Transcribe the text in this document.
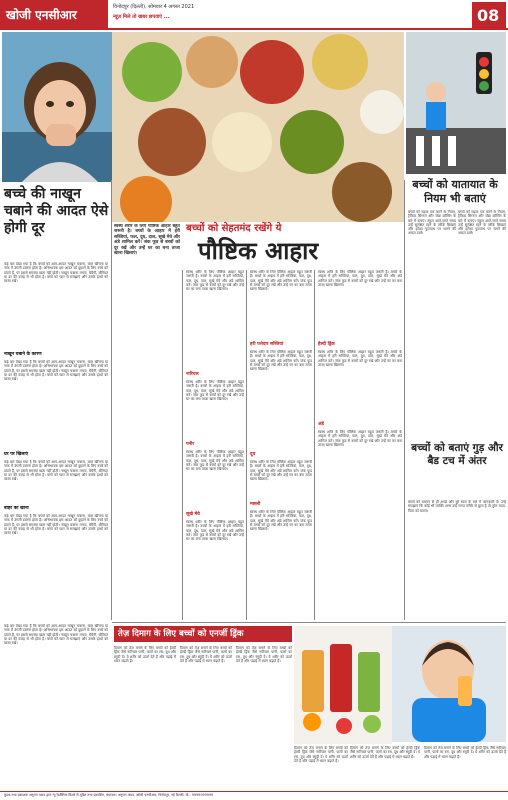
खोजी एनसीआर
विनोदपुर (दिल्ली), सोमवार 4 अगस्त 2021
न्यूज़ मिले तो खबर छपवाएं ...	08
बच्चों को यातायात के नियम भी बताएं
बच्चे की नाखून चबाने की आदत ऐसे होगी दूर	बच्चों को सेहतमंद रखेंगे ये
पौष्टिक आहार
स्वस्थ शरीर के लिए पौष्टिक आहार बहुत जरूरी है। बच्चों के आहार में हरी सब्जियां, फल, दूध, दाल, सूखे मेवे और अंडे शामिल करें। जंक फूड से बच्चों को दूर रखें और उन्हें घर का बना ताजा खाना खिलाएं।
कई बार देखा गया है कि बच्चों को आम-आदत नाखून चबाना, बाल खींचना या नाक में उंगली डालना होता है। अभिभावक इस आदत को छुड़ाने के लिए बच्चे को डांटते हैं, पर इससे समस्या खत्म नहीं होती। नाखून चबाना तनाव, बेचैनी, बोरियत या डर की वजह से भी होता है। बच्चे को प्यार से समझाएं और उसके हाथों को व्यस्त रखें।
नाखून चबाने के कारण
कई बार देखा गया है कि बच्चों को आम-आदत नाखून चबाना, बाल खींचना या नाक में उंगली डालना होता है। अभिभावक इस आदत को छुड़ाने के लिए बच्चे को डांटते हैं, पर इससे समस्या खत्म नहीं होती। नाखून चबाना तनाव, बेचैनी, बोरियत या डर की वजह से भी होता है। बच्चे को प्यार से समझाएं और उसके हाथों को व्यस्त रखें।
घर पर खिलाएं
कई बार देखा गया है कि बच्चों को आम-आदत नाखून चबाना, बाल खींचना या नाक में उंगली डालना होता है। अभिभावक इस आदत को छुड़ाने के लिए बच्चे को डांटते हैं, पर इससे समस्या खत्म नहीं होती। नाखून चबाना तनाव, बेचैनी, बोरियत या डर की वजह से भी होता है। बच्चे को प्यार से समझाएं और उसके हाथों को व्यस्त रखें।
बाहर का खाना
कई बार देखा गया है कि बच्चों को आम-आदत नाखून चबाना, बाल खींचना या नाक में उंगली डालना होता है। अभिभावक इस आदत को छुड़ाने के लिए बच्चे को डांटते हैं, पर इससे समस्या खत्म नहीं होती। नाखून चबाना तनाव, बेचैनी, बोरियत या डर की वजह से भी होता है। बच्चे को प्यार से समझाएं और उसके हाथों को व्यस्त रखें।
स्वस्थ शरीर के लिए पौष्टिक आहार बहुत जरूरी है। बच्चों के आहार में हरी सब्जियां, फल, दूध, दाल, सूखे मेवे और अंडे शामिल करें। जंक फूड से बच्चों को दूर रखें और उन्हें घर का बना ताजा खाना खिलाएं।
नारियल
स्वस्थ शरीर के लिए पौष्टिक आहार बहुत जरूरी है। बच्चों के आहार में हरी सब्जियां, फल, दूध, दाल, सूखे मेवे और अंडे शामिल करें। जंक फूड से बच्चों को दूर रखें और उन्हें घर का बना ताजा खाना खिलाएं।
पनीर
स्वस्थ शरीर के लिए पौष्टिक आहार बहुत जरूरी है। बच्चों के आहार में हरी सब्जियां, फल, दूध, दाल, सूखे मेवे और अंडे शामिल करें। जंक फूड से बच्चों को दूर रखें और उन्हें घर का बना ताजा खाना खिलाएं।
सूखे मेवे
स्वस्थ शरीर के लिए पौष्टिक आहार बहुत जरूरी है। बच्चों के आहार में हरी सब्जियां, फल, दूध, दाल, सूखे मेवे और अंडे शामिल करें। जंक फूड से बच्चों को दूर रखें और उन्हें घर का बना ताजा खाना खिलाएं।
स्वस्थ शरीर के लिए पौष्टिक आहार बहुत जरूरी है। बच्चों के आहार में हरी सब्जियां, फल, दूध, दाल, सूखे मेवे और अंडे शामिल करें। जंक फूड से बच्चों को दूर रखें और उन्हें घर का बना ताजा खाना खिलाएं।
हरी पत्तेदार सब्जियां
स्वस्थ शरीर के लिए पौष्टिक आहार बहुत जरूरी है। बच्चों के आहार में हरी सब्जियां, फल, दूध, दाल, सूखे मेवे और अंडे शामिल करें। जंक फूड से बच्चों को दूर रखें और उन्हें घर का बना ताजा खाना खिलाएं।
दूध
स्वस्थ शरीर के लिए पौष्टिक आहार बहुत जरूरी है। बच्चों के आहार में हरी सब्जियां, फल, दूध, दाल, सूखे मेवे और अंडे शामिल करें। जंक फूड से बच्चों को दूर रखें और उन्हें घर का बना ताजा खाना खिलाएं।
मछली
स्वस्थ शरीर के लिए पौष्टिक आहार बहुत जरूरी है। बच्चों के आहार में हरी सब्जियां, फल, दूध, दाल, सूखे मेवे और अंडे शामिल करें। जंक फूड से बच्चों को दूर रखें और उन्हें घर का बना ताजा खाना खिलाएं।
स्वस्थ शरीर के लिए पौष्टिक आहार बहुत जरूरी है। बच्चों के आहार में हरी सब्जियां, फल, दूध, दाल, सूखे मेवे और अंडे शामिल करें। जंक फूड से बच्चों को दूर रखें और उन्हें घर का बना ताजा खाना खिलाएं।
हेल्दी ड्रिंक
स्वस्थ शरीर के लिए पौष्टिक आहार बहुत जरूरी है। बच्चों के आहार में हरी सब्जियां, फल, दूध, दाल, सूखे मेवे और अंडे शामिल करें। जंक फूड से बच्चों को दूर रखें और उन्हें घर का बना ताजा खाना खिलाएं।
अंडे
स्वस्थ शरीर के लिए पौष्टिक आहार बहुत जरूरी है। बच्चों के आहार में हरी सब्जियां, फल, दूध, दाल, सूखे मेवे और अंडे शामिल करें। जंक फूड से बच्चों को दूर रखें और उन्हें घर का बना ताजा खाना खिलाएं।
बच्चों को सड़क पार करने के नियम, ट्रैफिक सिग्नल और जेब्रा क्रॉसिंग के बारे में बताएं। स्कूल आते-जाते समय उन्हें सुरक्षित रहने के तरीके सिखाएं और हमेशा फुटपाथ पर चलने की आदत डालें।
बच्चों को सड़क पार करने के नियम, ट्रैफिक सिग्नल और जेब्रा क्रॉसिंग के बारे में बताएं। स्कूल आते-जाते समय उन्हें सुरक्षित रहने के तरीके सिखाएं और हमेशा फुटपाथ पर चलने की आदत डालें।
बच्चों को बताएं गुड़ और बैड टच में अंतर
बच्चों को बचपन से ही अच्छे और बुरे स्पर्श के बारे में जानकारी दें। उन्हें समझाएं कि कोई भी व्यक्ति अगर उन्हें गलत तरीके से छूता है तो तुरंत माता-पिता को बताएं।
तेज़ दिमाग के लिए बच्चों को एनर्जी ड्रिंक
दिमाग को तेज़ बनाने के लिए बच्चों को हेल्दी ड्रिंक जैसे नारियल पानी, फलों का रस, दूध और स्मूदी दें। ये शरीर को ऊर्जा देते हैं और पढ़ाई में ध्यान बढ़ाते हैं।
दिमाग को तेज़ बनाने के लिए बच्चों को हेल्दी ड्रिंक जैसे नारियल पानी, फलों का रस, दूध और स्मूदी दें। ये शरीर को ऊर्जा देते हैं और पढ़ाई में ध्यान बढ़ाते हैं।
दिमाग को तेज़ बनाने के लिए बच्चों को हेल्दी ड्रिंक जैसे नारियल पानी, फलों का रस, दूध और स्मूदी दें। ये शरीर को ऊर्जा देते हैं और पढ़ाई में ध्यान बढ़ाते हैं।
दिमाग को तेज़ बनाने के लिए बच्चों को हेल्दी ड्रिंक जैसे नारियल पानी, फलों का रस, दूध और स्मूदी दें। ये शरीर को ऊर्जा देते हैं और पढ़ाई में ध्यान बढ़ाते हैं।
दिमाग को तेज़ बनाने के लिए बच्चों को हेल्दी ड्रिंक जैसे नारियल पानी, फलों का रस, दूध और स्मूदी दें। ये शरीर को ऊर्जा देते हैं और पढ़ाई में ध्यान बढ़ाते हैं।
दिमाग को तेज़ बनाने के लिए बच्चों को हेल्दी ड्रिंक जैसे नारियल पानी, फलों का रस, दूध और स्मूदी दें। ये शरीर को ऊर्जा देते हैं और पढ़ाई में ध्यान बढ़ाते हैं।
कई बार देखा गया है कि बच्चों को आम-आदत नाखून चबाना, बाल खींचना या नाक में उंगली डालना होता है। अभिभावक इस आदत को छुड़ाने के लिए बच्चे को डांटते हैं, पर इससे समस्या खत्म नहीं होती। नाखून चबाना तनाव, बेचैनी, बोरियत या डर की वजह से भी होता है। बच्चे को प्यार से समझाएं और उसके हाथों को व्यस्त रखें।
मुद्रक तथा प्रकाशक अनुराग यादव द्वारा न्यू रेडक्लिफ प्रिंटर्स से मुद्रित तथा प्रकाशित, संपादक: अनुराग यादव, खोजी एनसीआर, विनोदपुर, नई दिल्ली। मो.: 9999999999
